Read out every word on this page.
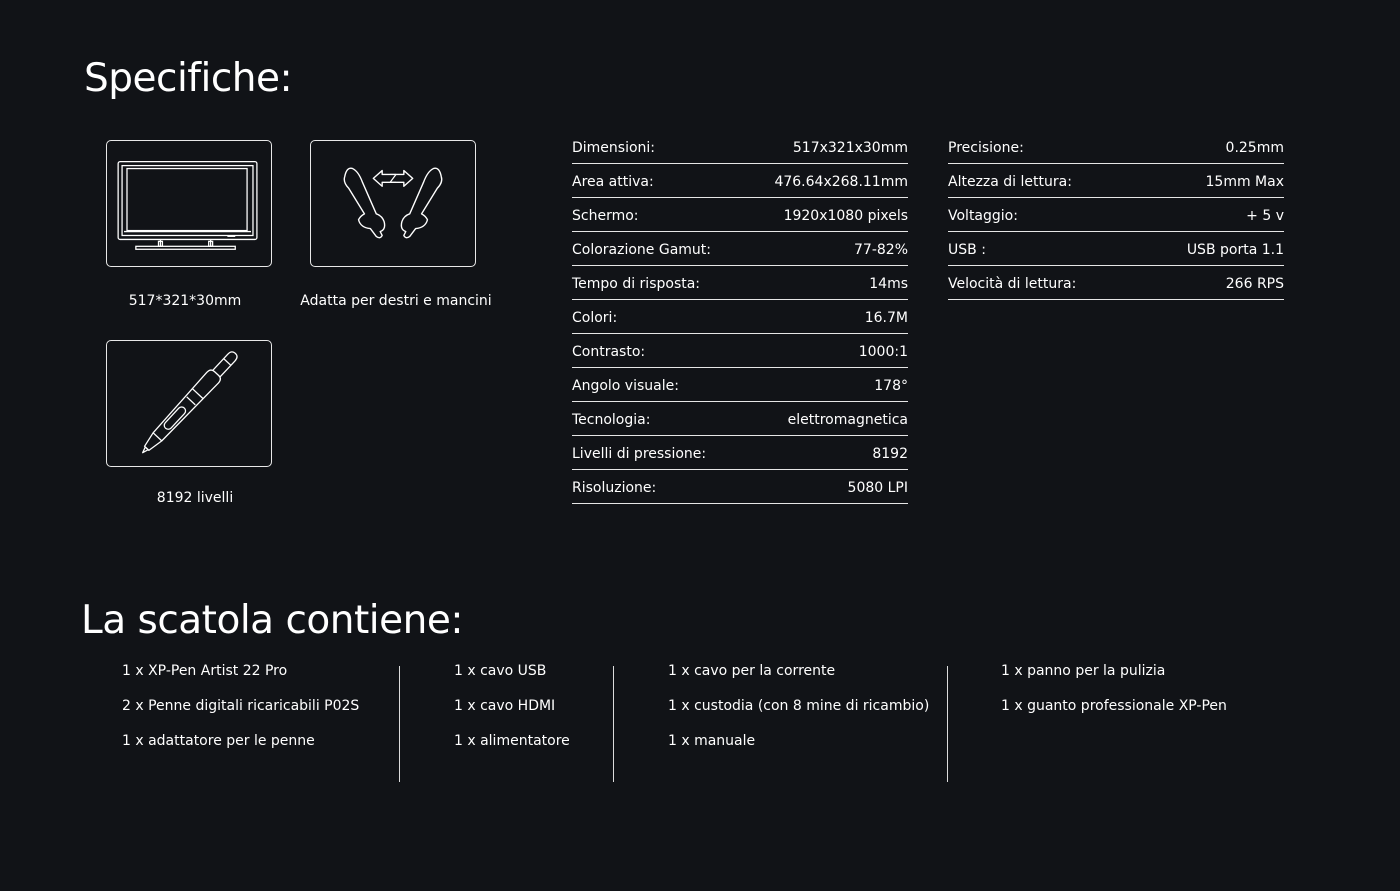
Specifiche:
517*321*30mm	Adatta per destri e mancini
8192 livelli
Dimensioni:	517x321x30mm
Area attiva:	476.64x268.11mm
Schermo:	1920x1080 pixels
Colorazione Gamut:	77-82%
Tempo di risposta:	14ms
Colori:	16.7M
Contrasto:	1000:1
Angolo visuale:	178°
Tecnologia:	elettromagnetica
Livelli di pressione:	8192
Risoluzione:	5080 LPI
Precisione:	0.25mm
Altezza di lettura:	15mm Max
Voltaggio:	+ 5 v
USB :	USB porta 1.1
Velocità di lettura:	266 RPS
La scatola contiene:
1 x XP-Pen Artist 22 Pro
2 x Penne digitali ricaricabili P02S
1 x adattatore per le penne
1 x cavo USB
1 x cavo HDMI
1 x alimentatore
1 x cavo per la corrente
1 x custodia (con 8 mine di ricambio)
1 x manuale
1 x panno per la pulizia
1 x guanto professionale XP-Pen
